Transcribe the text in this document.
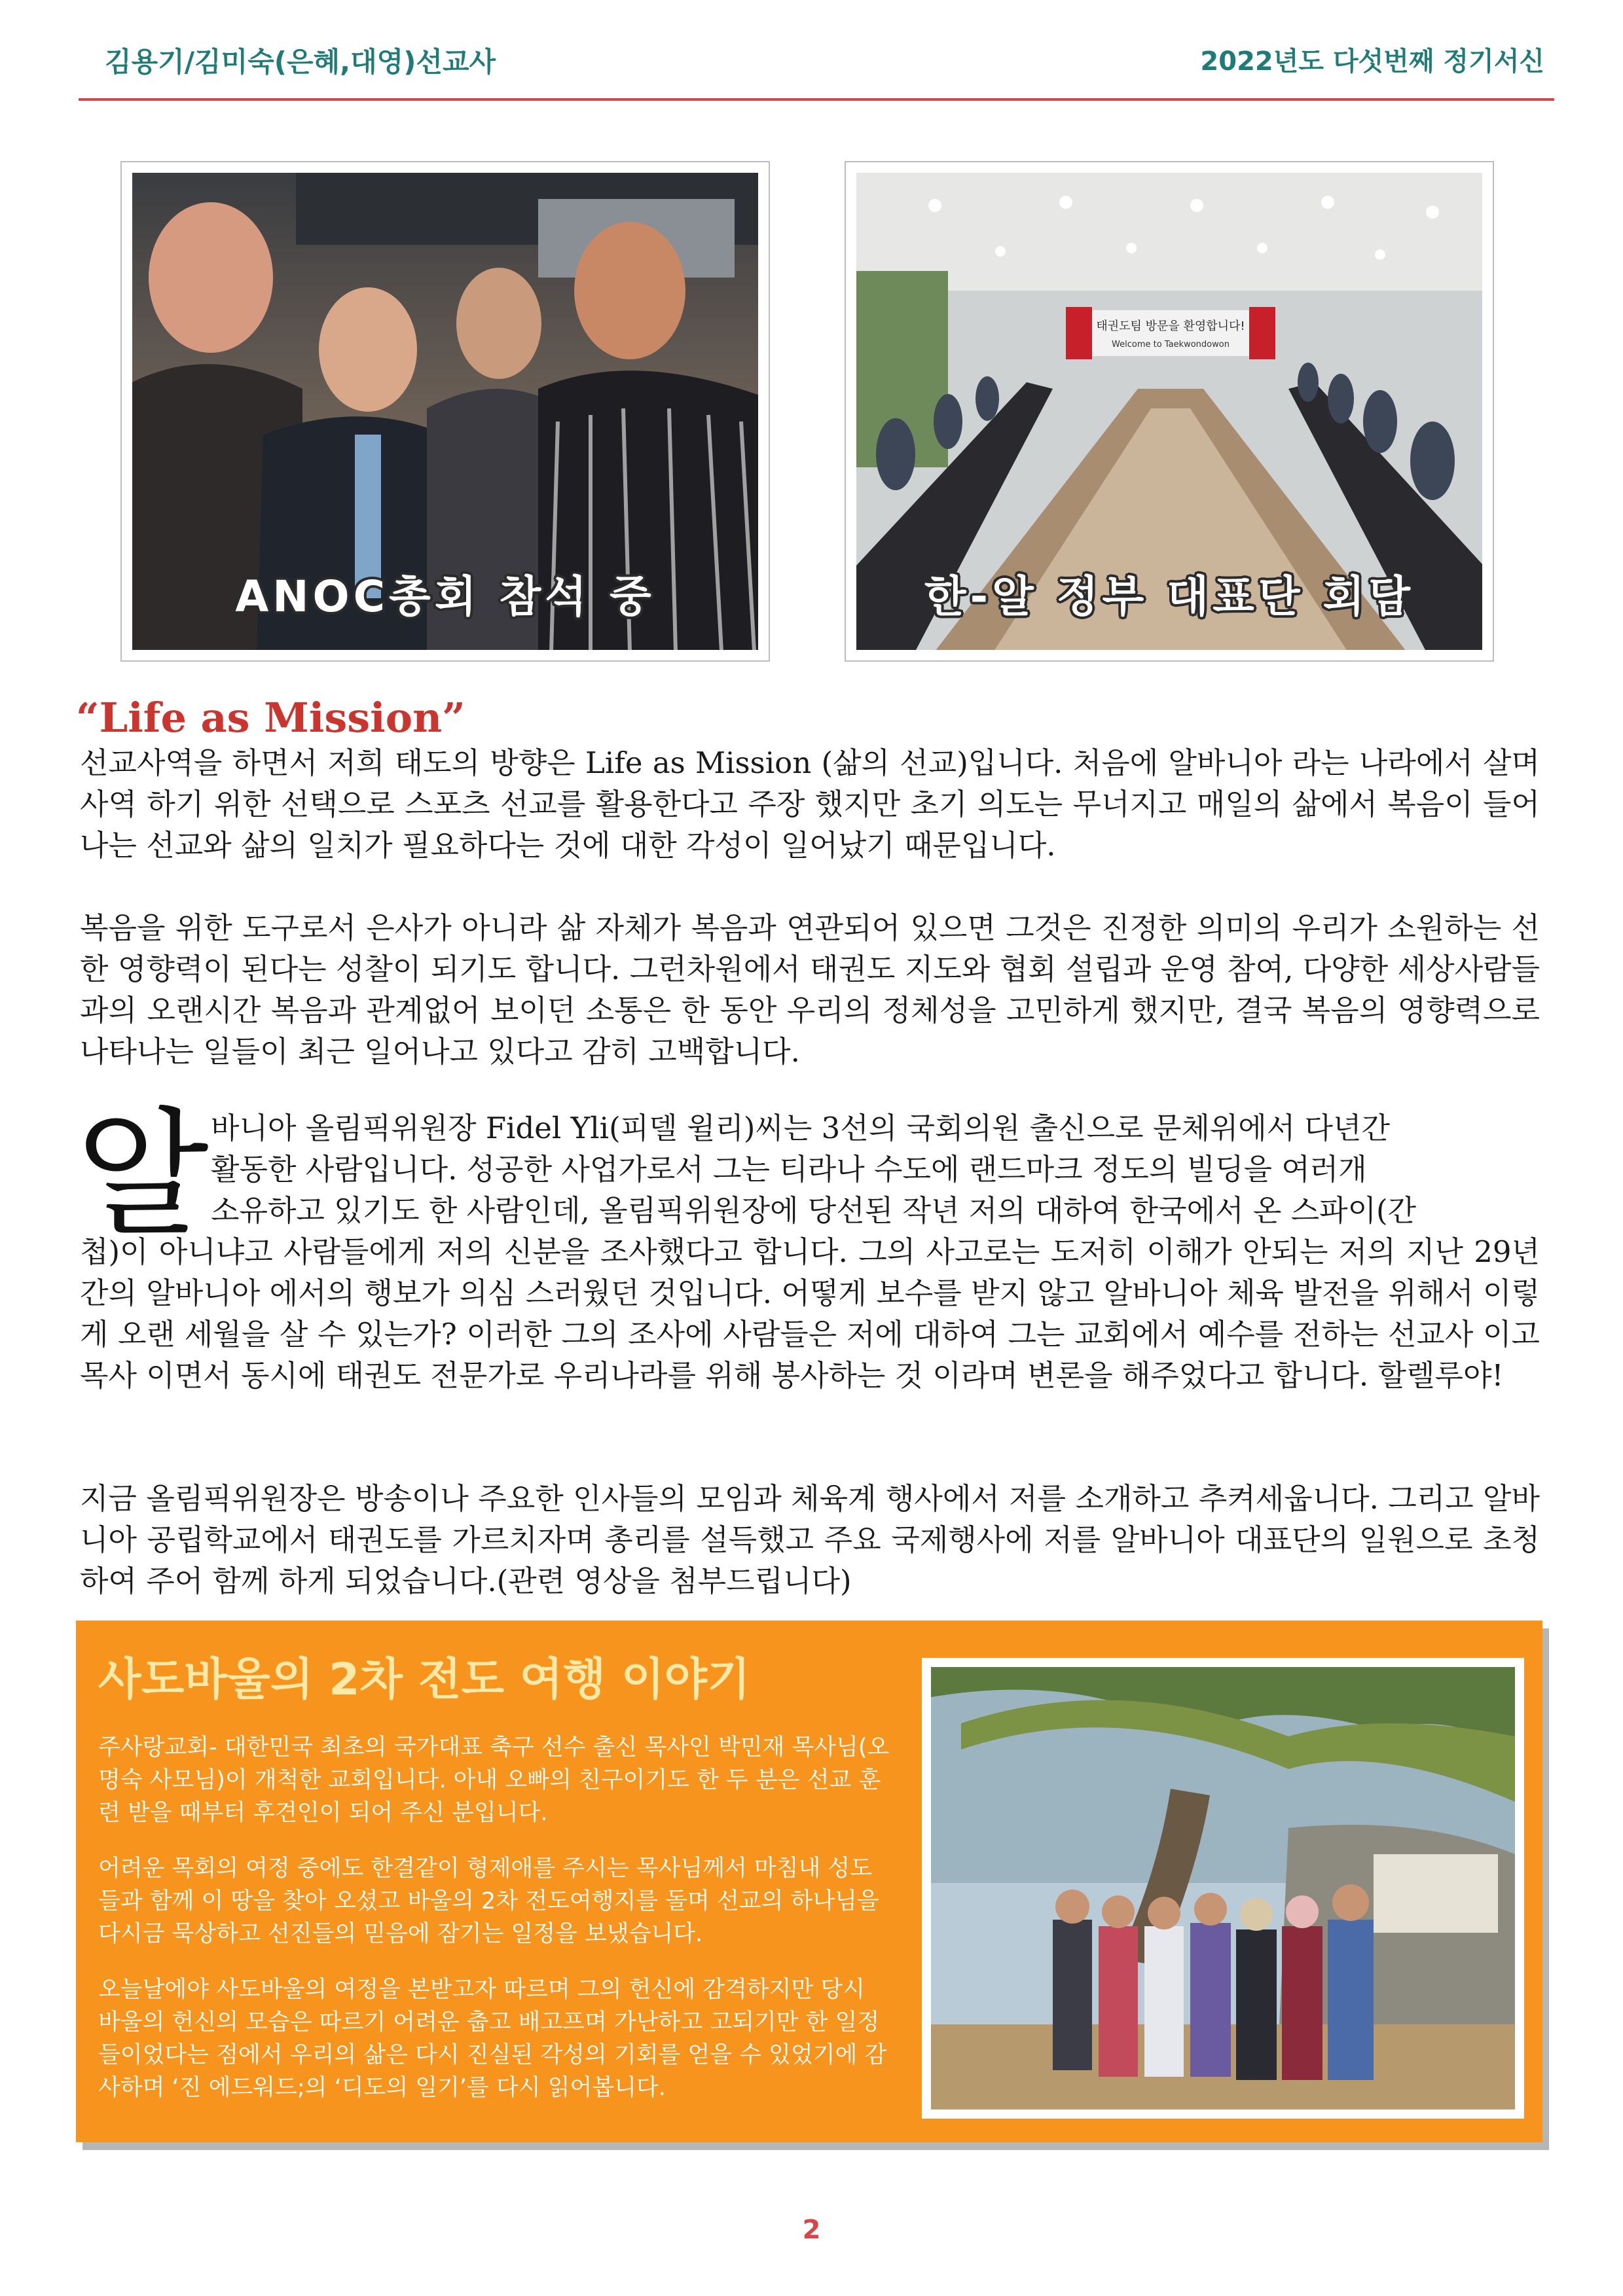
김용기/김미숙(은혜,대영)선교사	2022년도 다섯번째 정기서신
ANOC총회 참석 중
태권도팀 방문을 환영합니다!
Welcome to Taekwondowon
한-알 정부 대표단 회담
“Life as Mission”
선교사역을 하면서 저희 태도의 방향은 Life as Mission (삶의 선교)입니다. 처음에 알바니아 라는 나라에서 살며 사역 하기 위한 선택으로 스포츠 선교를 활용한다고 주장 했지만 초기 의도는 무너지고 매일의 삶에서 복음이 들어나는 선교와 삶의 일치가 필요하다는 것에 대한 각성이 일어났기 때문입니다.
복음을 위한 도구로서 은사가 아니라 삶 자체가 복음과 연관되어 있으면 그것은 진정한 의미의 우리가 소원하는 선한 영향력이 된다는 성찰이 되기도 합니다. 그런차원에서 태권도 지도와 협회 설립과 운영 참여, 다양한 세상사람들과의 오랜시간 복음과 관계없어 보이던 소통은 한 동안 우리의 정체성을 고민하게 했지만, 결국 복음의 영향력으로 나타나는 일들이 최근 일어나고 있다고 감히 고백합니다.
알 바니아 올림픽위원장 Fidel Yli(피델 윌리)씨는 3선의 국회의원 출신으로 문체위에서 다년간
활동한 사람입니다. 성공한 사업가로서 그는 티라나 수도에 랜드마크 정도의 빌딩을 여러개
소유하고 있기도 한 사람인데, 올림픽위원장에 당선된 작년 저의 대하여 한국에서 온 스파이(간
첩)이 아니냐고 사람들에게 저의 신분을 조사했다고 합니다. 그의 사고로는 도저히 이해가 안되는 저의 지난 29년간의 알바니아 에서의 행보가 의심 스러웠던 것입니다. 어떻게 보수를 받지 않고 알바니아 체육 발전을 위해서 이렇게 오랜 세월을 살 수 있는가? 이러한 그의 조사에 사람들은 저에 대하여 그는 교회에서 예수를 전하는 선교사 이고 목사 이면서 동시에 태권도 전문가로 우리나라를 위해 봉사하는 것 이라며 변론을 해주었다고 합니다. 할렐루야!
지금 올림픽위원장은 방송이나 주요한 인사들의 모임과 체육계 행사에서 저를 소개하고 추켜세웁니다. 그리고 알바니아 공립학교에서 태권도를 가르치자며 총리를 설득했고 주요 국제행사에 저를 알바니아 대표단의 일원으로 초청하여 주어 함께 하게 되었습니다.(관련 영상을 첨부드립니다)
사도바울의 2차 전도 여행 이야기
주사랑교회- 대한민국 최초의 국가대표 축구 선수 출신 목사인 박민재 목사님(오명숙 사모님)이 개척한 교회입니다. 아내 오빠의 친구이기도 한 두 분은 선교 훈련 받을 때부터 후견인이 되어 주신 분입니다.
어려운 목회의 여정 중에도 한결같이 형제애를 주시는 목사님께서 마침내 성도들과 함께 이 땅을 찾아 오셨고 바울의 2차 전도여행지를 돌며 선교의 하나님을 다시금 묵상하고 선진들의 믿음에 잠기는 일정을 보냈습니다.
오늘날에야 사도바울의 여정을 본받고자 따르며 그의 헌신에 감격하지만 당시 바울의 헌신의 모습은 따르기 어려운 춥고 배고프며 가난하고 고되기만 한 일정 들이었다는 점에서 우리의 삶은 다시 진실된 각성의 기회를 얻을 수 있었기에 감사하며 ‘진 에드워드;의 ‘디도의 일기’를 다시 읽어봅니다.
2
